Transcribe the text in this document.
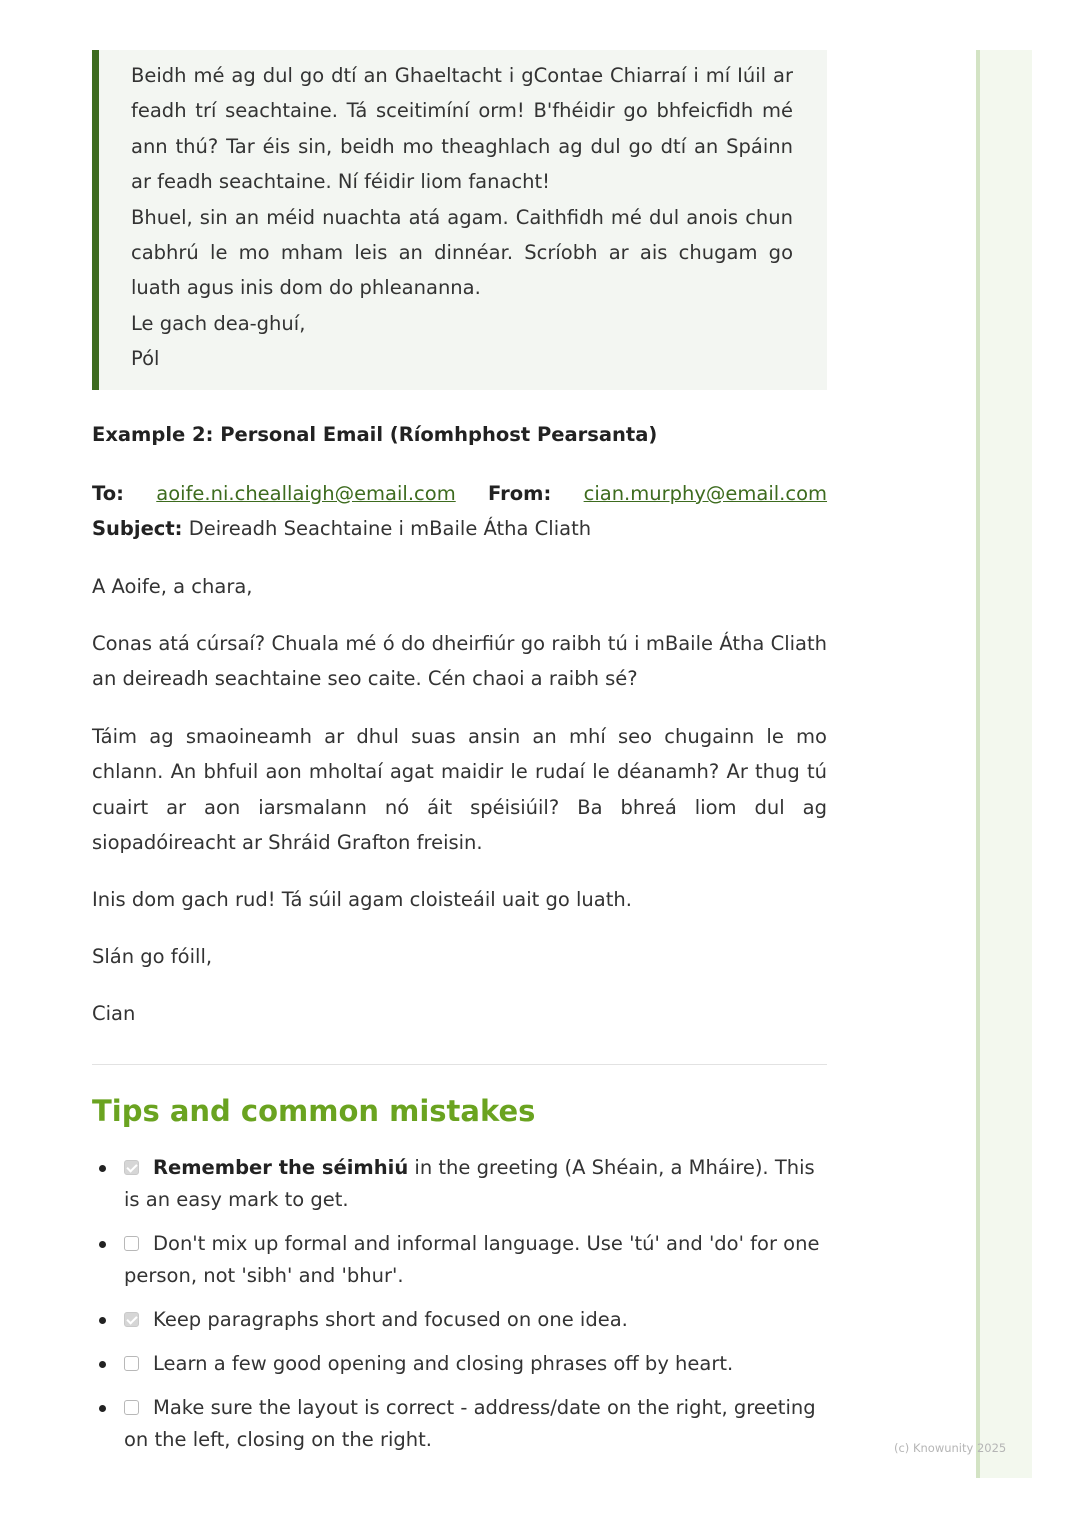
Beidh mé ag dul go dtí an Ghaeltacht i gContae Chiarraí i mí Iúil ar feadh trí seachtaine. Tá sceitimíní orm! B'fhéidir go bhfeicfidh mé ann thú? Tar éis sin, beidh mo theaghlach ag dul go dtí an Spáinn ar feadh seachtaine. Ní féidir liom fanacht!

Bhuel, sin an méid nuachta atá agam. Caithfidh mé dul anois chun cabhrú le mo mham leis an dinnéar. Scríobh ar ais chugam go luath agus inis dom do phleananna.

Le gach dea-ghuí,

Pól

Example 2: Personal Email (Ríomhphost Pearsanta)

To: aoife.ni.cheallaigh@email.com From: cian.murphy@email.com Subject: Deireadh Seachtaine i mBaile Átha Cliath

A Aoife, a chara,

Conas atá cúrsaí? Chuala mé ó do dheirfiúr go raibh tú i mBaile Átha Cliath an deireadh seachtaine seo caite. Cén chaoi a raibh sé?

Táim ag smaoineamh ar dhul suas ansin an mhí seo chugainn le mo chlann. An bhfuil aon mholtaí agat maidir le rudaí le déanamh? Ar thug tú cuairt ar aon iarsmalann nó áit spéisiúil? Ba bhreá liom dul ag siopadóireacht ar Shráid Grafton freisin.

Inis dom gach rud! Tá súil agam cloisteáil uait go luath.

Slán go fóill,

Cian

Tips and common mistakes
Remember the séimhiú in the greeting (A Shéain, a Mháire). This is an easy mark to get.
Don't mix up formal and informal language. Use 'tú' and 'do' for one person, not 'sibh' and 'bhur'.
Keep paragraphs short and focused on one idea.
Learn a few good opening and closing phrases off by heart.
Make sure the layout is correct - address/date on the right, greeting on the left, closing on the right.	(c) Knowunity 2025
